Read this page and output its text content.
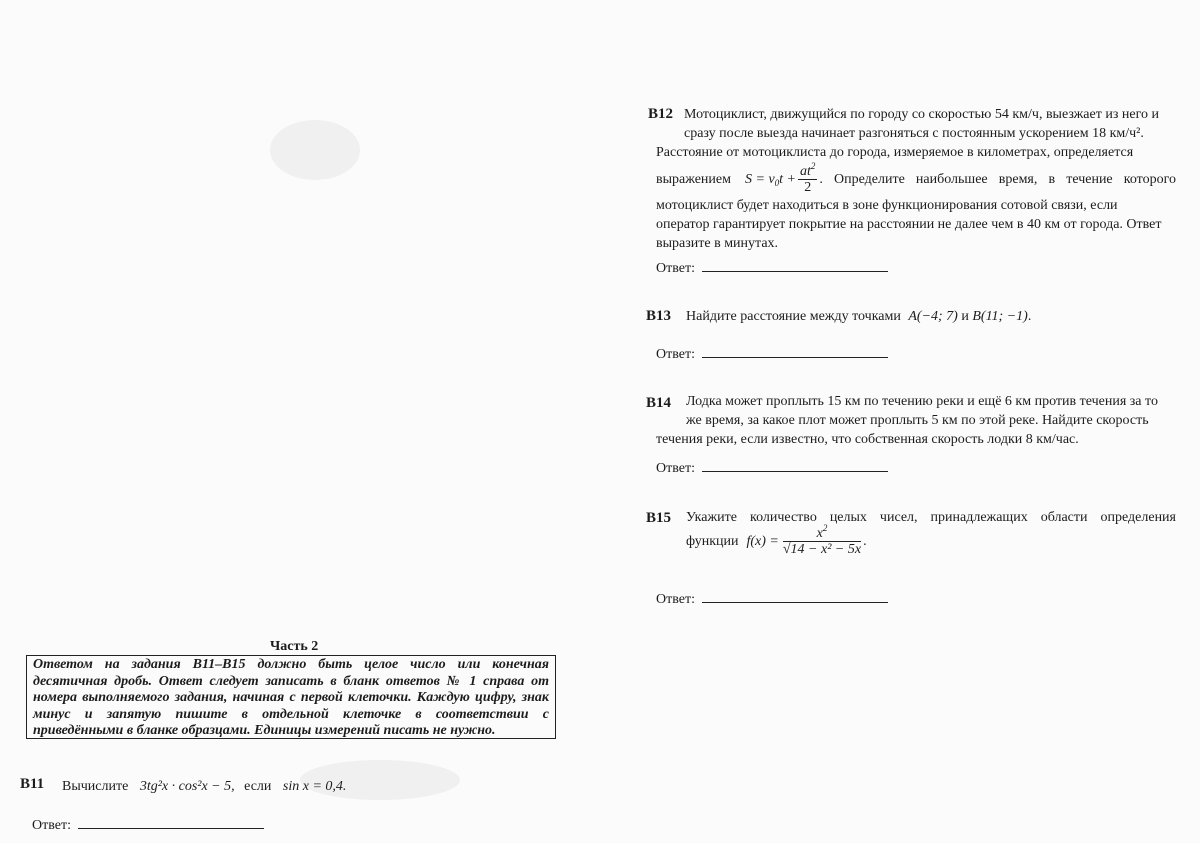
B12 Мотоциклист, движущийся по городу со скоростью 54 км/ч, выезжает из него и
сразу после выезда начинает разгоняться с постоянным ускорением 18 км/ч².
Расстояние от мотоциклиста до города, измеряемое в километрах, определяется
выражением $S = v_0t + \frac{at^2}{2}$ . Определите наибольшее время, в течение которого
мотоциклист будет находиться в зоне функционирования сотовой связи, если
оператор гарантирует покрытие на расстоянии не далее чем в 40 км от города. Ответ
выразите в минутах.
Ответ:
B13 Найдите расстояние между точками A(−4; 7) и B(11; −1).
Ответ:
B14	Лодка может проплыть 15 км по течению реки и ещё 6 км против течения за то
же время, за какое плот может проплыть 5 км по этой реке. Найдите скорость
течения реки, если известно, что собственная скорость лодки 8 км/час.
Ответ:
B15 Укажите количество целых чисел, принадлежащих области определения
функции $f(x) = \frac{x^2}{\text{√14 − x² − 5x}}$ .
Ответ:
Часть 2
Ответом на задания B11–B15 должно быть целое число или конечная
десятичная дробь. Ответ следует записать в бланк ответов № 1 справа от
номера выполняемого задания, начиная с первой клеточки. Каждую цифру, знак
минус и запятую пишите в отдельной клеточке в соответствии с
приведёнными в бланке образцами. Единицы измерений писать не нужно.
B11 Вычислите 3tg²x · cos²x − 5, если sin x = 0,4.
Ответ:
